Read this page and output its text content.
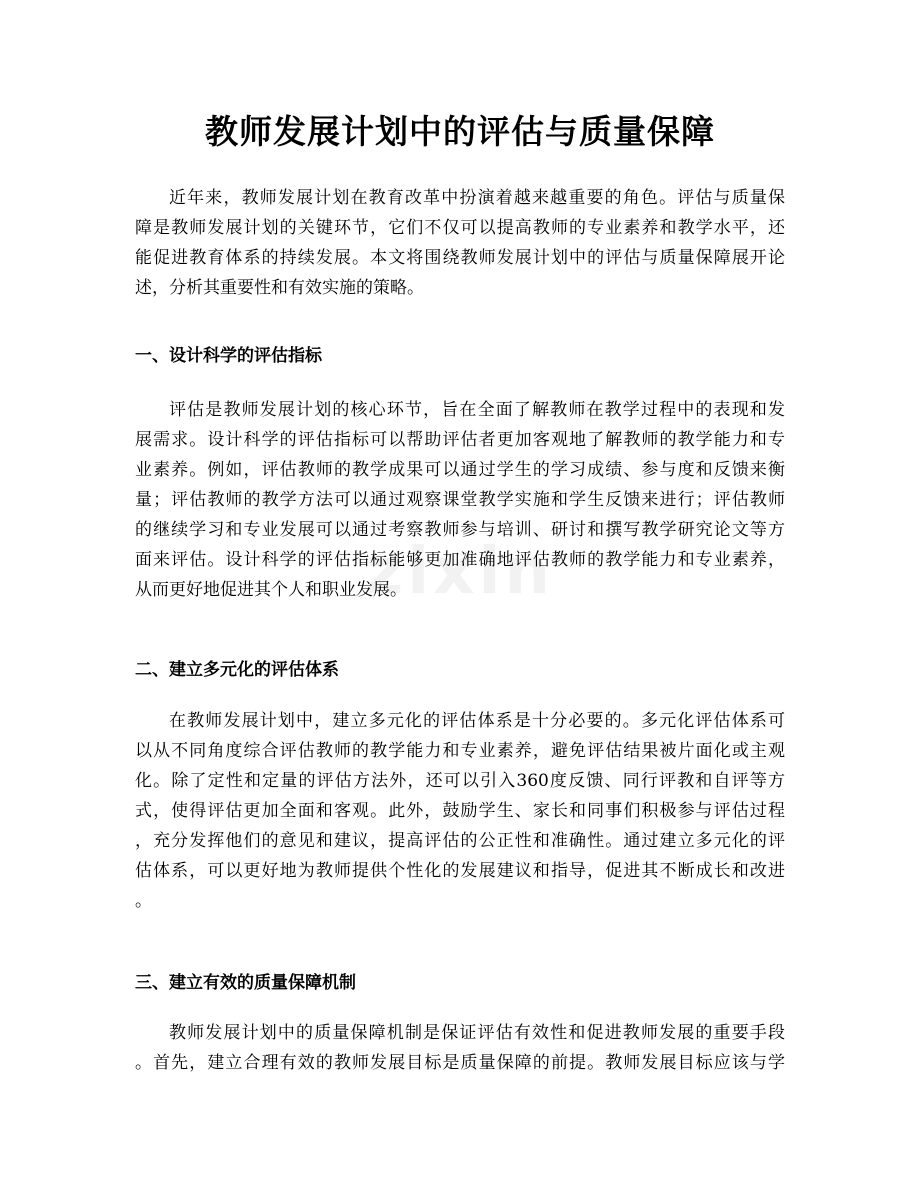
zixin
教师发展计划中的评估与质量保障

近年来，教师发展计划在教育改革中扮演着越来越重要的角色。评估与质量保
障是教师发展计划的关键环节，它们不仅可以提高教师的专业素养和教学水平，还
能促进教育体系的持续发展。本文将围绕教师发展计划中的评估与质量保障展开论
述，分析其重要性和有效实施的策略。

一、设计科学的评估指标

评估是教师发展计划的核心环节，旨在全面了解教师在教学过程中的表现和发
展需求。设计科学的评估指标可以帮助评估者更加客观地了解教师的教学能力和专
业素养。例如，评估教师的教学成果可以通过学生的学习成绩、参与度和反馈来衡
量；评估教师的教学方法可以通过观察课堂教学实施和学生反馈来进行；评估教师
的继续学习和专业发展可以通过考察教师参与培训、研讨和撰写教学研究论文等方
面来评估。设计科学的评估指标能够更加准确地评估教师的教学能力和专业素养，
从而更好地促进其个人和职业发展。

二、建立多元化的评估体系

在教师发展计划中，建立多元化的评估体系是十分必要的。多元化评估体系可
以从不同角度综合评估教师的教学能力和专业素养，避免评估结果被片面化或主观
化。除了定性和定量的评估方法外，还可以引入360度反馈、同行评教和自评等方
式，使得评估更加全面和客观。此外，鼓励学生、家长和同事们积极参与评估过程
，充分发挥他们的意见和建议，提高评估的公正性和准确性。通过建立多元化的评
估体系，可以更好地为教师提供个性化的发展建议和指导，促进其不断成长和改进
。

三、建立有效的质量保障机制

教师发展计划中的质量保障机制是保证评估有效性和促进教师发展的重要手段
。首先，建立合理有效的教师发展目标是质量保障的前提。教师发展目标应该与学
